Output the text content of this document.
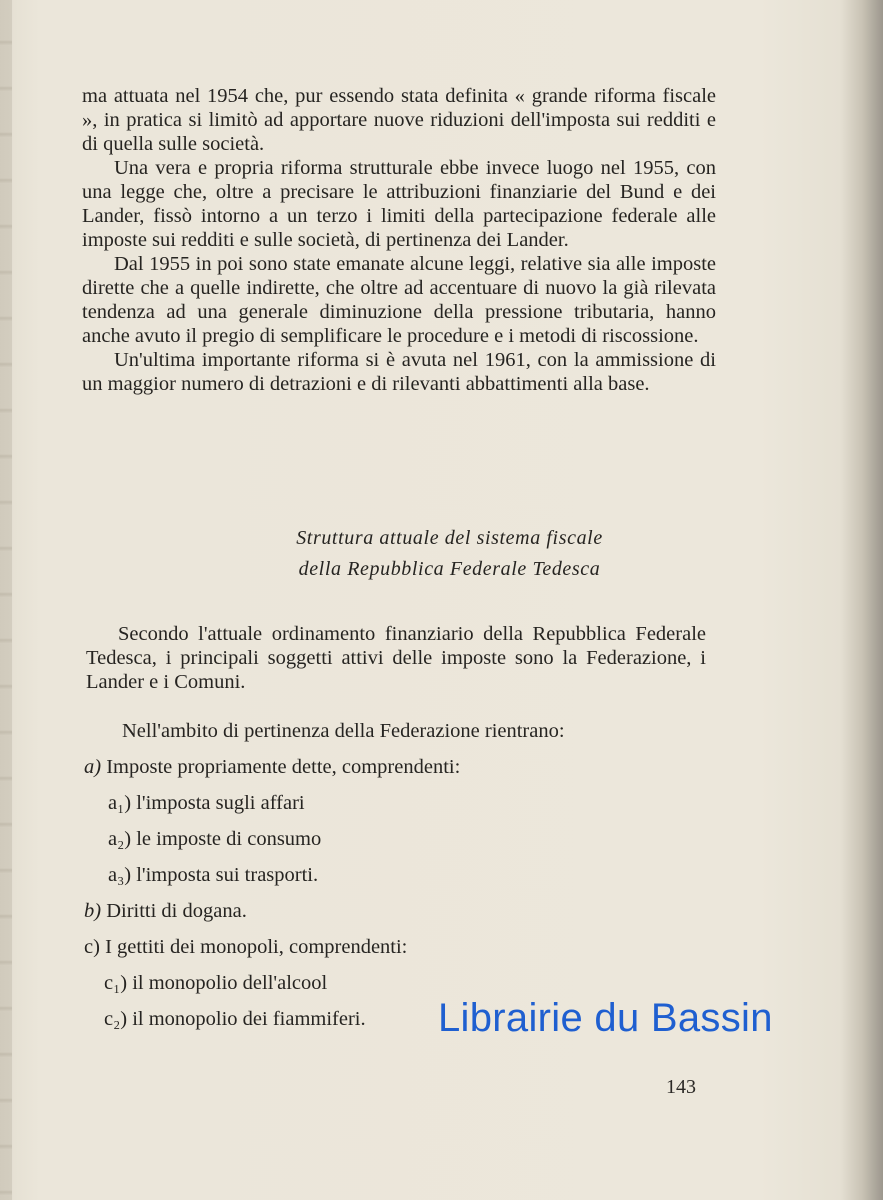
ma attuata nel 1954 che, pur essendo stata definita « grande riforma fiscale », in pratica si limitò ad apportare nuove riduzioni dell'imposta sui redditi e di quella sulle società.

Una vera e propria riforma strutturale ebbe invece luogo nel 1955, con una legge che, oltre a precisare le attribuzioni finanziarie del Bund e dei Lander, fissò intorno a un terzo i limiti della partecipazione federale alle imposte sui redditi e sulle società, di pertinenza dei Lander.

Dal 1955 in poi sono state emanate alcune leggi, relative sia alle imposte dirette che a quelle indirette, che oltre ad accentuare di nuovo la già rilevata tendenza ad una generale diminuzione della pressione tributaria, hanno anche avuto il pregio di semplificare le procedure e i metodi di riscossione.

Un'ultima importante riforma si è avuta nel 1961, con la ammissione di un maggior numero di detrazioni e di rilevanti abbattimenti alla base.

Struttura attuale del sistema fiscale
della Repubblica Federale Tedesca

Secondo l'attuale ordinamento finanziario della Repubblica Federale Tedesca, i principali soggetti attivi delle imposte sono la Federazione, i Lander e i Comuni.

Nell'ambito di pertinenza della Federazione rientrano:
a) Imposte propriamente dette, comprendenti:
a₁) l'imposta sugli affari
a₂) le imposte di consumo
a₃) l'imposta sui trasporti.
b) Diritti di dogana.
c) I gettiti dei monopoli, comprendenti:
c₁) il monopolio dell'alcool
c₂) il monopolio dei fiammiferi. Librairie du Bassin
143
